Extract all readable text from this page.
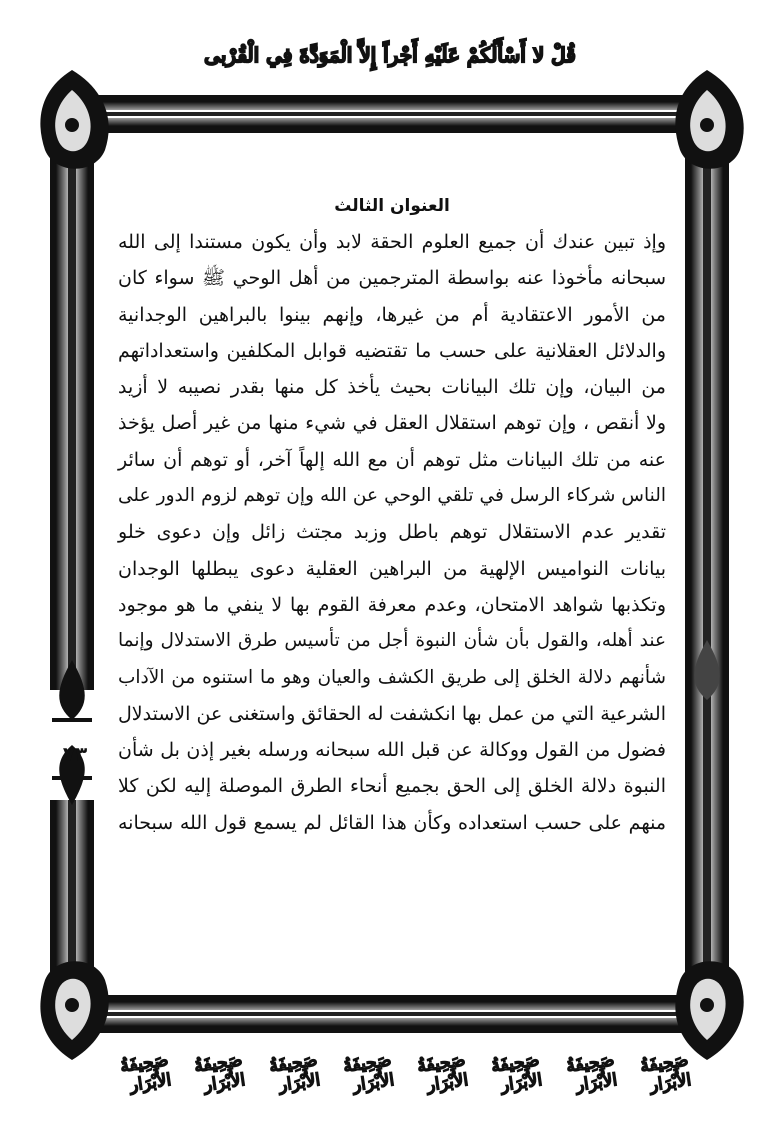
قُلْ لا أَسْأَلُكُمْ عَلَيْهِ أَجْراً إِلاَّ الْمَوَدَّةَ فِي الْقُرْبى
العنوان الثالث
وإذ تبين عندك أن جميع العلوم الحقة لابد وأن يكون مستندا إلى الله
سبحانه مأخوذا عنه بواسطة المترجمين من أهل الوحي ﷺ سواء كان
من الأمور الاعتقادية أم من غيرها، وإنهم بينوا بالبراهين الوجدانية
والدلائل العقلانية على حسب ما تقتضيه قوابل المكلفين واستعداداتهم
من البيان، وإن تلك البيانات بحيث يأخذ كل منها بقدر نصيبه لا أزيد
ولا أنقص ، وإن توهم استقلال العقل في شيء منها من غير أصل يؤخذ
عنه من تلك البيانات مثل توهم أن مع الله إلهاً آخر، أو توهم أن سائر
الناس شركاء الرسل في تلقي الوحي عن الله وإن توهم لزوم الدور على
تقدير عدم الاستقلال توهم باطل وزبد مجتث زائل وإن دعوى خلو
بيانات النواميس الإلهية من البراهين العقلية دعوى يبطلها الوجدان
وتكذبها شواهد الامتحان، وعدم معرفة القوم بها لا ينفي ما هو موجود
عند أهله، والقول بأن شأن النبوة أجل من تأسيس طرق الاستدلال وإنما
شأنهم دلالة الخلق إلى طريق الكشف والعيان وهو ما استنوه من الآداب
الشرعية التي من عمل بها انكشفت له الحقائق واستغنى عن الاستدلال
فضول من القول ووكالة عن قبل الله سبحانه ورسله بغير إذن بل شأن
النبوة دلالة الخلق إلى الحق بجميع أنحاء الطرق الموصلة إليه لكن كلا
منهم على حسب استعداده وكأن هذا القائل لم يسمع قول الله سبحانه
٧٣
صَحِيفَةُ الأَبْرَار
صَحِيفَةُ الأَبْرَار
صَحِيفَةُ الأَبْرَار
صَحِيفَةُ الأَبْرَار
صَحِيفَةُ الأَبْرَار
صَحِيفَةُ الأَبْرَار
صَحِيفَةُ الأَبْرَار
صَحِيفَةُ الأَبْرَار
